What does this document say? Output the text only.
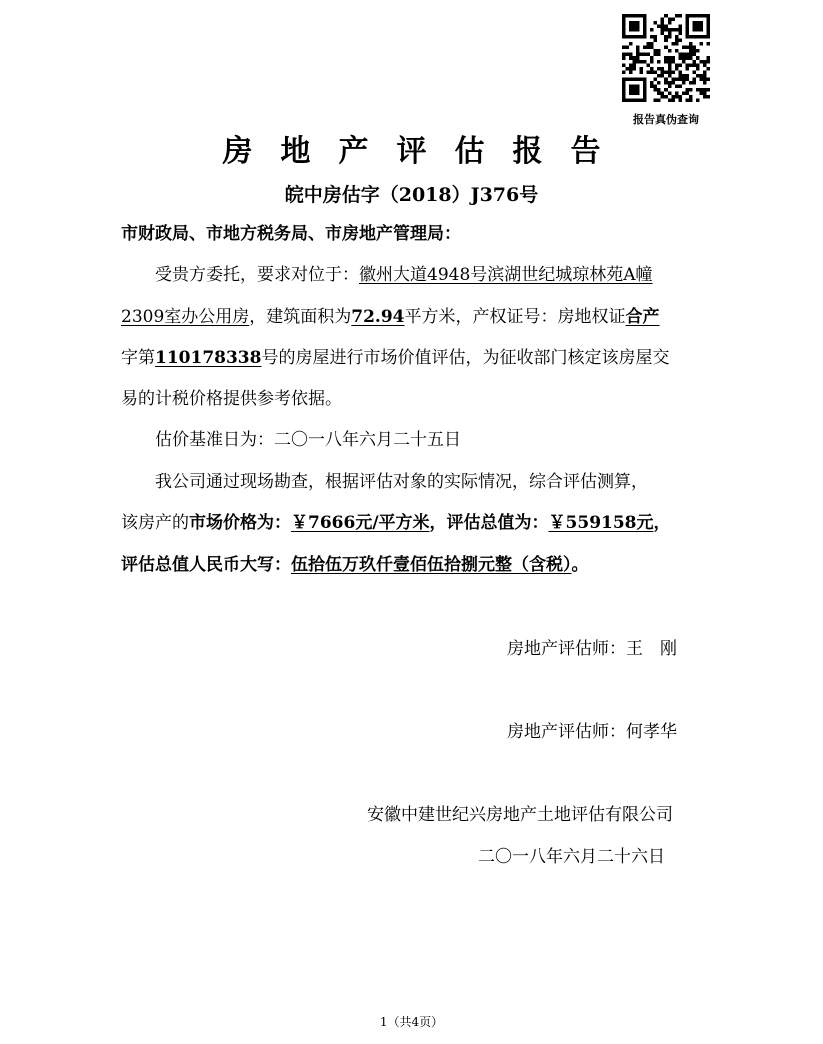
报告真伪查询
房地产评估报告
皖中房估字（2018）J376号
市财政局、市地方税务局、市房地产管理局：
受贵方委托，要求对位于：徽州大道4948号滨湖世纪城琼林苑A幢
2309室办公用房，建筑面积为72.94平方米，产权证号：房地权证合产
字第110178338号的房屋进行市场价值评估，为征收部门核定该房屋交
易的计税价格提供参考依据。
估价基准日为：二〇一八年六月二十五日
我公司通过现场勘查，根据评估对象的实际情况，综合评估测算，
该房产的市场价格为：￥7666元/平方米，评估总值为：￥559158元，
评估总值人民币大写：伍拾伍万玖仟壹佰伍拾捌元整（含税）。
房地产评估师：王　刚
房地产评估师：何孝华
安徽中建世纪兴房地产土地评估有限公司
二〇一八年六月二十六日
1（共4页）
